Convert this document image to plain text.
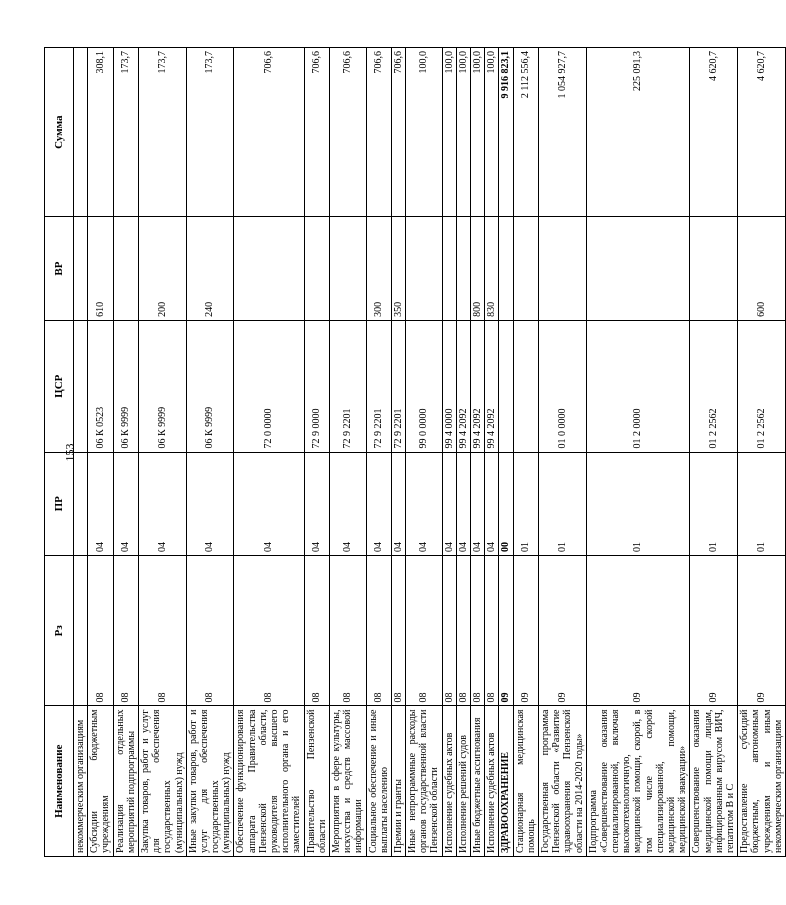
153
Наименование	Рз	ПР	ЦСР	ВР	Сумма
некоммерческим организациям					
Субсидии бюджетным учреждениям	08	04	06 К 0523	610	308,1
Реализация отдельных мероприятий подпрограммы	08	04	06 К 9999		173,7
Закупка товаров, работ и услуг для обеспечения государственных (муниципальных) нужд	08	04	06 К 9999	200	173,7
Иные закупки товаров, работ и услуг для обеспечения государственных (муниципальных) нужд	08	04	06 К 9999	240	173,7
Обеспечение функционирования аппарата Правительства Пензенской области, руководителя высшего исполнительного органа и его заместителей	08	04	72 0 0000		706,6
Правительство Пензенской области	08	04	72 9 0000		706,6
Мероприятия в сфере культуры, искусства и средств массовой информации	08	04	72 9 2201		706,6
Социальное обеспечение и иные выплаты населению	08	04	72 9 2201	300	706,6
Премии и гранты	08	04	72 9 2201	350	706,6
Иные непрограммные расходы органов государственной власти Пензенской области	08	04	99 0 0000		100,0
Исполнение судебных актов	08	04	99 4 0000		100,0
Исполнение решений судов	08	04	99 4 2092		100,0
Иные бюджетные ассигнования	08	04	99 4 2092	800	100,0
Исполнение судебных актов	08	04	99 4 2092	830	100,0
ЗДРАВООХРАНЕНИЕ	09	00			9 916 823,1
Стационарная медицинская помощь	09	01			2 112 556,4
Государственная программа Пензенской области «Развитие здравоохранения Пензенской области на 2014-2020 годы»	09	01	01 0 0000		1 054 927,7
Подпрограмма «Совершенствование оказания специализированной, включая высокотехнологичную, медицинской помощи, скорой, в том числе скорой специализированной, медицинской помощи, медицинской эвакуации»	09	01	01 2 0000		225 091,3
Совершенствование оказания медицинской помощи лицам, инфицированным вирусом ВИЧ, гепатитом В и С	09	01	01 2 2562		4 620,7
Предоставление субсидий бюджетным, автономным учреждениям и иным некоммерческим организациям	09	01	01 2 2562	600	4 620,7
